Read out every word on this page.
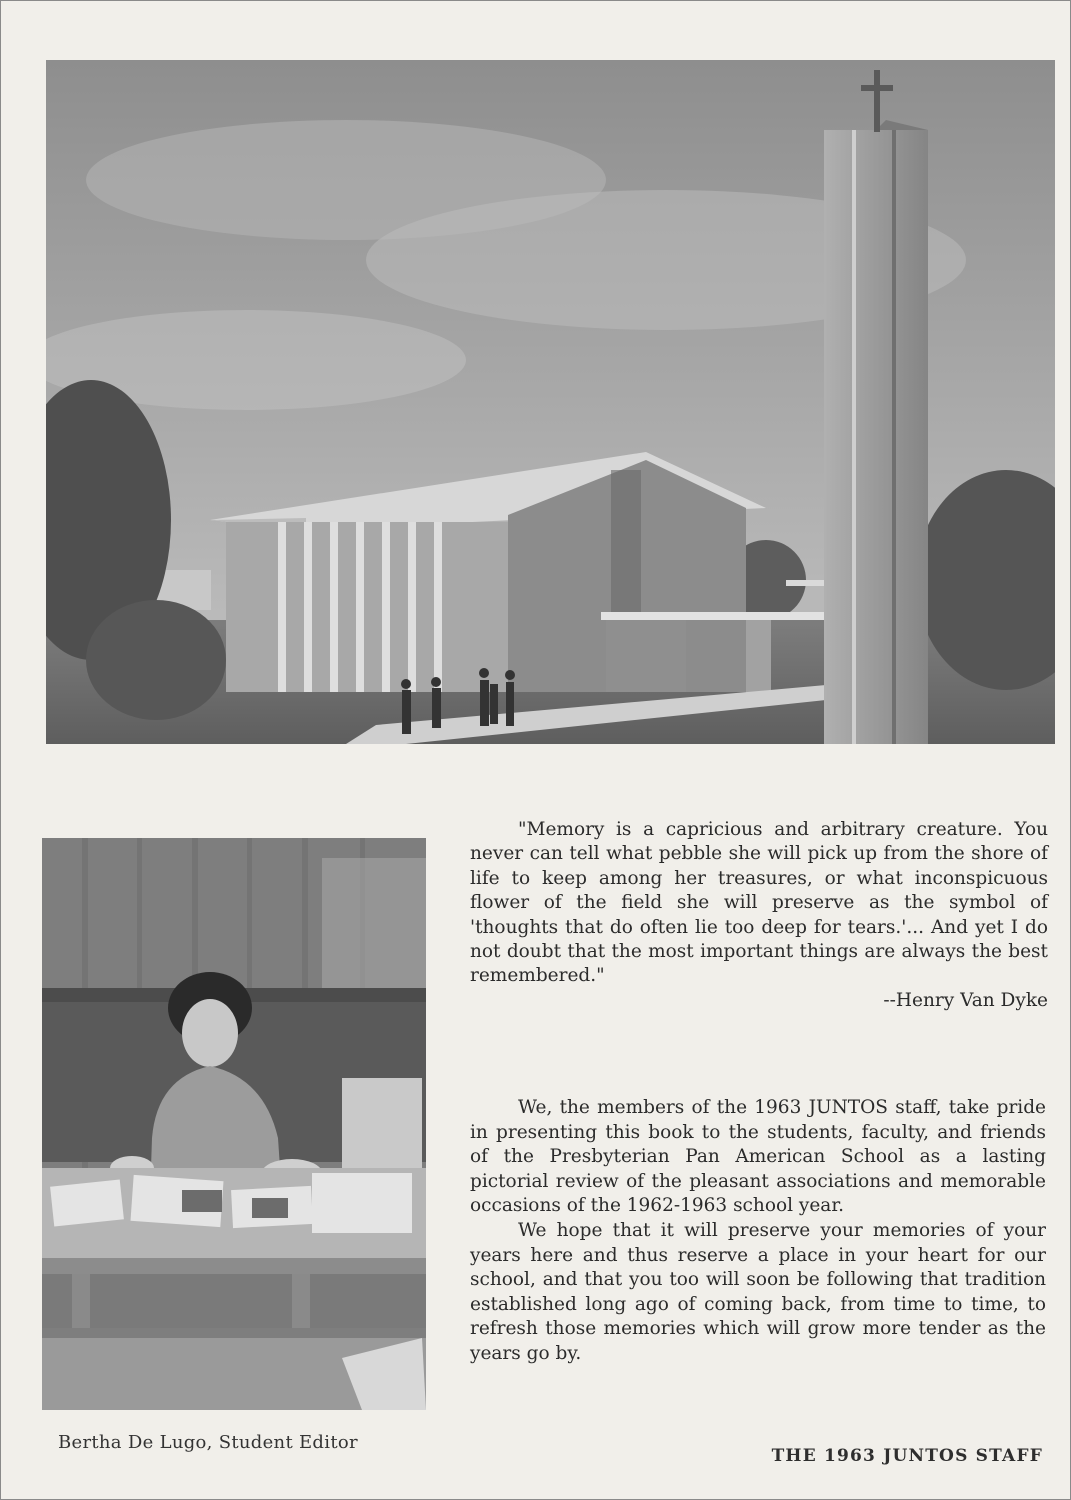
Bertha De Lugo, Student Editor

"Memory is a capricious and arbitrary creature. You never can tell what pebble she will pick up from the shore of life to keep among her treasures, or what inconspicuous flower of the field she will preserve as the symbol of 'thoughts that do often lie too deep for tears.'... And yet I do not doubt that the most important things are always the best remembered."

--Henry Van Dyke

We, the members of the 1963 JUNTOS staff, take pride in presenting this book to the students, faculty, and friends of the Presbyterian Pan American School as a lasting pictorial review of the pleasant associations and memorable occasions of the 1962-1963 school year.

We hope that it will preserve your memories of your years here and thus reserve a place in your heart for our school, and that you too will soon be following that tradition established long ago of coming back, from time to time, to refresh those memories which will grow more tender as the years go by.

THE 1963 JUNTOS STAFF
